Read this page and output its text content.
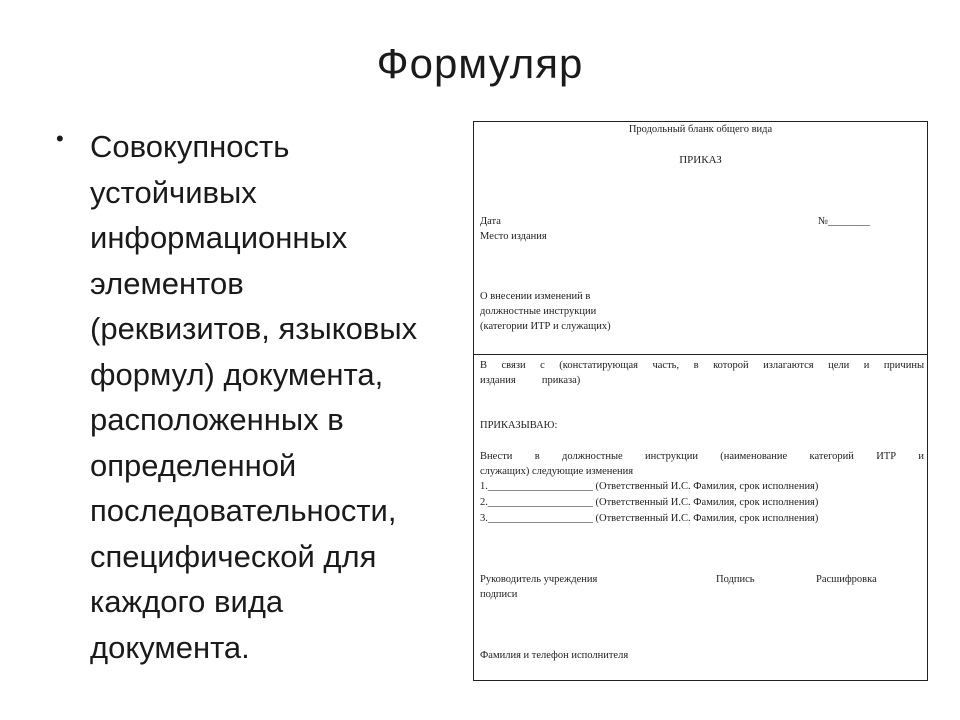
Формуляр
• Совокупность
устойчивых
информационных
элементов
(реквизитов, языковых
формул) документа,
расположенных в
определенной
последовательности,
специфической для
каждого вида
документа.
Продольный бланк общего вида
ПРИКАЗ
Дата	№________
Место издания
О внесении изменений в
должностные инструкции
(категории ИТР и служащих)
В связи с (констатирующая часть, в которой излагаются цели и причины
издания          приказа)
ПРИКАЗЫВАЮ:
Внести в должностные инструкции (наименование категорий ИТР и
служащих) следующие изменения
1.____________________ (Ответственный И.С. Фамилия, срок исполнения)
2.____________________ (Ответственный И.С. Фамилия, срок исполнения)
3.____________________ (Ответственный И.С. Фамилия, срок исполнения)
Руководитель учреждения	Подпись	Расшифровка
подписи
Фамилия и телефон исполнителя
